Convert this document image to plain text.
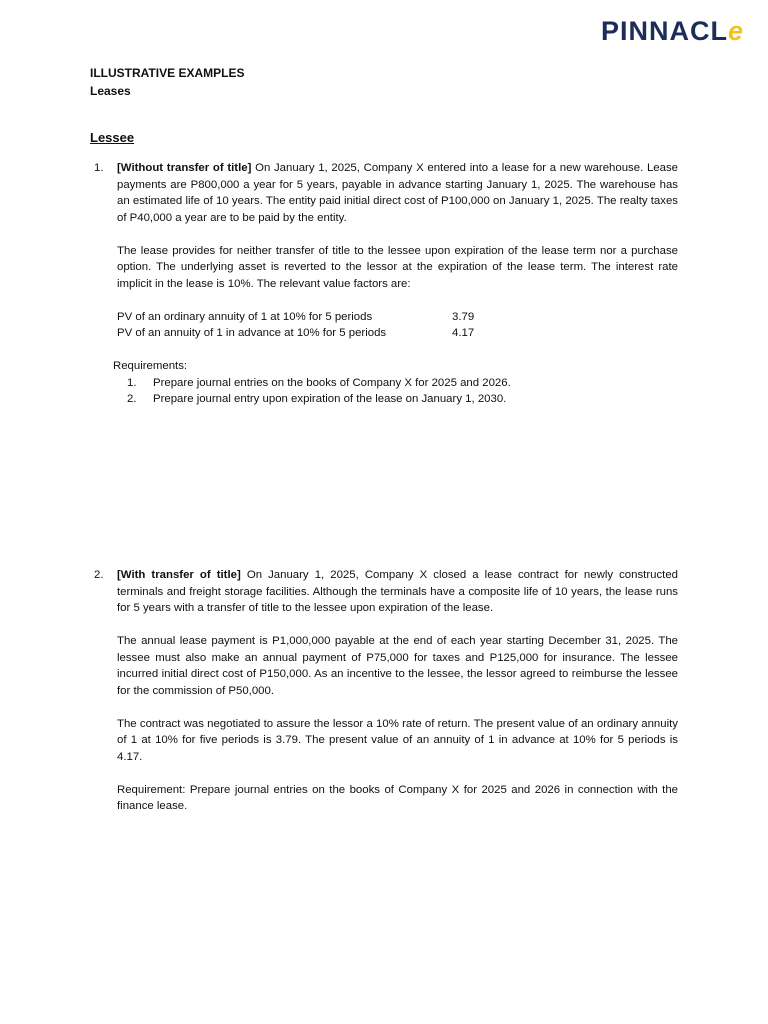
PINNACLe
ILLUSTRATIVE EXAMPLES
Leases
Lessee
1. [Without transfer of title] On January 1, 2025, Company X entered into a lease for a new warehouse. Lease payments are P800,000 a year for 5 years, payable in advance starting January 1, 2025. The warehouse has an estimated life of 10 years. The entity paid initial direct cost of P100,000 on January 1, 2025. The realty taxes of P40,000 a year are to be paid by the entity.

The lease provides for neither transfer of title to the lessee upon expiration of the lease term nor a purchase option. The underlying asset is reverted to the lessor at the expiration of the lease term. The interest rate implicit in the lease is 10%. The relevant value factors are:

PV of an ordinary annuity of 1 at 10% for 5 periods	3.79
PV of an annuity of 1 in advance at 10% for 5 periods	4.17
Requirements:
1.	Prepare journal entries on the books of Company X for 2025 and 2026.
2.	Prepare journal entry upon expiration of the lease on January 1, 2030.
2. [With transfer of title] On January 1, 2025, Company X closed a lease contract for newly constructed terminals and freight storage facilities. Although the terminals have a composite life of 10 years, the lease runs for 5 years with a transfer of title to the lessee upon expiration of the lease.

The annual lease payment is P1,000,000 payable at the end of each year starting December 31, 2025. The lessee must also make an annual payment of P75,000 for taxes and P125,000 for insurance. The lessee incurred initial direct cost of P150,000. As an incentive to the lessee, the lessor agreed to reimburse the lessee for the commission of P50,000.

The contract was negotiated to assure the lessor a 10% rate of return. The present value of an ordinary annuity of 1 at 10% for five periods is 3.79. The present value of an annuity of 1 in advance at 10% for 5 periods is 4.17.

Requirement: Prepare journal entries on the books of Company X for 2025 and 2026 in connection with the finance lease.
